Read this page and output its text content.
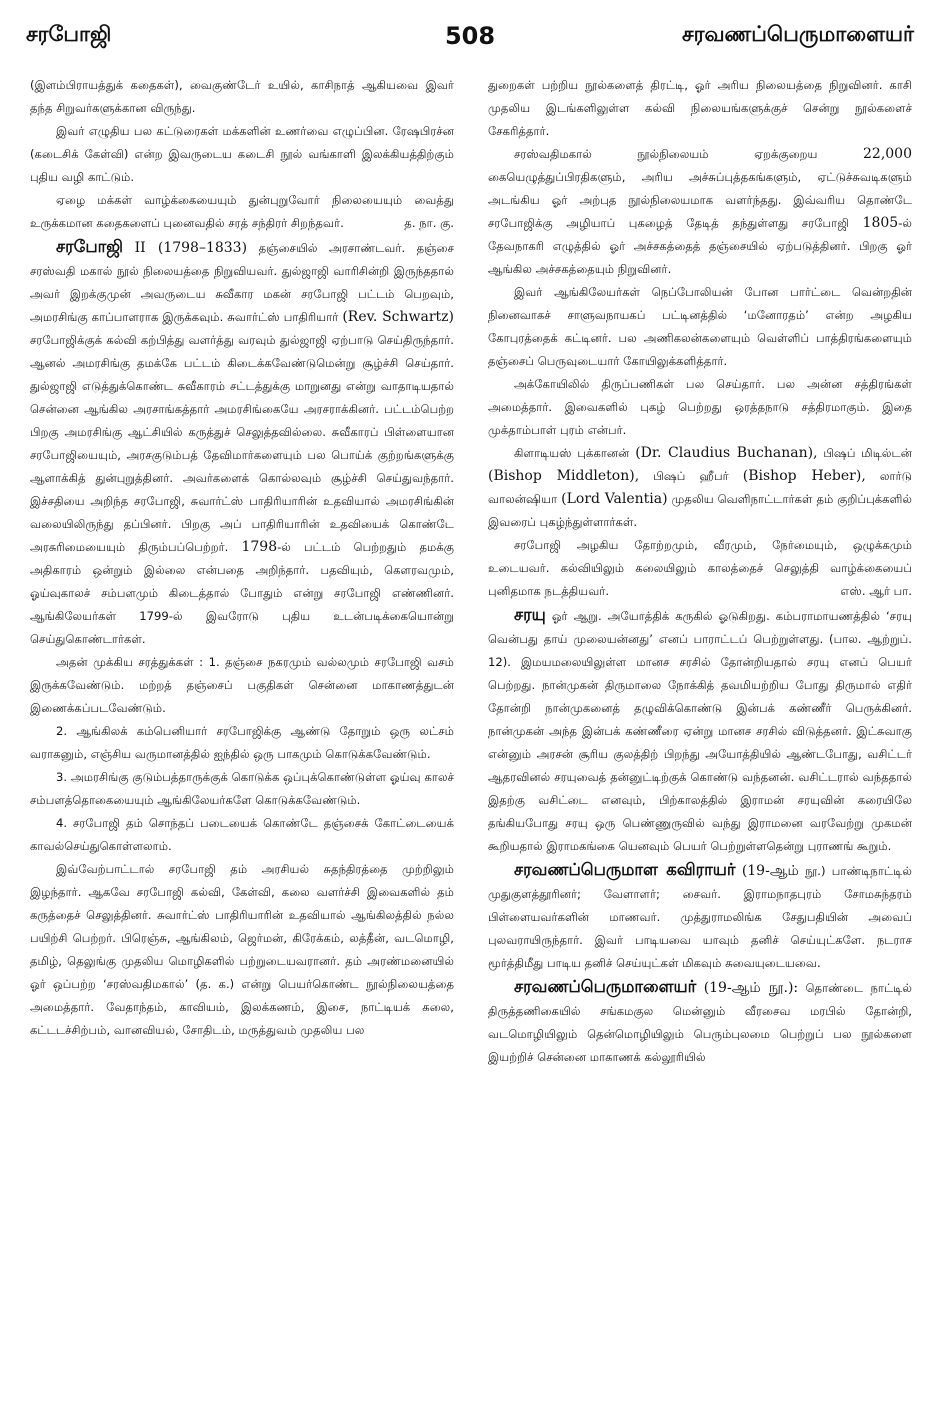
சரபோஜி	508	சரவணப்பெருமாளையர்

(இளம்பிராயத்துக் கதைகள்), வைகுண்டேர் உயில், காசிநாத் ஆகியவை இவர் தந்த சிறுவர்களுக்கான விருந்து.

இவர் எழுதிய பல கட்டுரைகள் மக்களின் உணர்வை எழுப்பின. ரேஷபிரச்ன (கடைசிக் கேள்வி) என்ற இவருடைய கடைசி நூல் வங்காளி இலக்கியத்திற்கும் புதிய வழி காட்டும்.

ஏழை மக்கள் வாழ்க்கையையும் துன்புறுவோர் நிலையையும் வைத்து உருக்கமான கதைகளைப் புனைவதில் சரத் சந்திரர் சிறந்தவர்.	த. நா. கு.

சரபோஜி II (1798–1833) தஞ்சையில் அரசாண்டவர். தஞ்சை சரஸ்வதி மகால் நூல் நிலையத்தை நிறுவியவர். துல்ஜாஜி வாரிசின்றி இருந்ததால் அவர் இறக்குமுன் அவருடைய சுவீகார மகன் சரபோஜி பட்டம் பெறவும், அமரசிங்கு காப்பாளராக இருக்கவும். சுவார்ட்ஸ் பாதிரியார் (Rev. Schwartz) சரபோஜிக்குக் கல்வி கற்பித்து வளர்த்து வரவும் துல்ஜாஜி ஏற்பாடு செய்திருந்தார். ஆனல் அமரசிங்கு தமக்கே பட்டம் கிடைக்கவேண்டுமென்று சூழ்ச்சி செய்தார். துல்ஜாஜி எடுத்துக்கொண்ட சுவீகாரம் சட்டத்துக்கு மாறுனது என்று வாதாடியதால் சென்னை ஆங்கில அரசாங்கத்தார் அமரசிங்கையே அரசராக்கினர். பட்டம்பெற்ற பிறகு அமரசிங்கு ஆட்சியில் கருத்துச் செலுத்தவில்லை. சுவீகாரப் பிள்ளையான சரபோஜியையும், அரசகுடும்பத் தேவிமார்களையும் பல பொய்க் குற்றங்களுக்கு ஆளாக்கித் துன்புறுத்தினர். அவர்களைக் கொல்லவும் சூழ்ச்சி செய்துவந்தார். இச்சதியை அறிந்த சரபோஜி, சுவார்ட்ஸ் பாதிரியாரின் உதவியால் அமரசிங்கின் வலையிலிருந்து தப்பினர். பிறகு அப் பாதிரியாரின் உதவியைக் கொண்டே அரசுரிமையையும் திரும்பப்பெற்றர். 1798-ல் பட்டம் பெற்றதும் தமக்கு அதிகாரம் ஒன்றும் இல்லை என்பதை அறிந்தார். பதவியும், கௌரவமும், ஓய்வுகாலச் சம்பளமும் கிடைத்தால் போதும் என்று சரபோஜி எண்ணினர். ஆங்கிலேயர்கள் 1799-ல் இவரோடு புதிய உடன்படிக்கையொன்று செய்துகொண்டார்கள்.

அதன் முக்கிய சரத்துக்கள் : 1. தஞ்சை நகரமும் வல்லமும் சரபோஜி வசம் இருக்கவேண்டும். மற்றத் தஞ்சைப் பகுதிகள் சென்னை மாகாணத்துடன் இணைக்கப்படவேண்டும்.

2. ஆங்கிலக் கம்பெனியார் சரபோஜிக்கு ஆண்டு தோறும் ஒரு லட்சம் வராகனும், எஞ்சிய வருமானத்தில் ஐந்தில் ஒரு பாகமும் கொடுக்கவேண்டும்.

3. அமரசிங்கு குடும்பத்தாருக்குக் கொடுக்க ஒப்புக்கொண்டுள்ள ஓய்வு காலச் சம்பளத்தொகையையும் ஆங்கிலேயர்களே கொடுக்கவேண்டும்.

4. சரபோஜி தம் சொந்தப் படையைக் கொண்டே தஞ்சைக் கோட்டையைக் காவல்செய்துகொள்ளலாம்.

இவ்வேற்பாட்டால் சரபோஜி தம் அரசியல் சுதந்திரத்தை முற்றிலும் இழந்தார். ஆகவே சரபோஜி கல்வி, கேள்வி, கலை வளர்ச்சி இவைகளில் தம் கருத்தைச் செலுத்தினர். சுவார்ட்ஸ் பாதிரியாரின் உதவியால் ஆங்கிலத்தில் நல்ல பயிற்சி பெற்றர். பிரெஞ்சு, ஆங்கிலம், ஜெர்மன், கிரேக்கம், லத்தீன், வடமொழி, தமிழ், தெலுங்கு முதலிய மொழிகளில் பற்றுடையவரானர். தம் அரண்மனையில் ஓர் ஒப்பற்ற ‘சரஸ்வதிமகால்’ (த. க.) என்று பெயர்கொண்ட நூல்நிலையத்தை அமைத்தார். வேதாந்தம், காவியம், இலக்கணம், இசை, நாட்டியக் கலை, கட்டடச்சிற்பம், வானவியல், சோதிடம், மருத்துவம் முதலிய பல

துறைகள் பற்றிய நூல்களைத் திரட்டி, ஓர் அரிய நிலையத்தை நிறுவினர். காசி முதலிய இடங்களிலுள்ள கல்வி நிலையங்களுக்குச் சென்று நூல்களைச் சேகரித்தார்.

சரஸ்வதிமகால் நூல்நிலையம் ஏறக்குறைய	22,000 கையெழுத்துப்பிரதிகளும், அரிய அச்சுப்புத்தகங்களும், ஏட்டுச்சுவடிகளும் அடங்கிய ஓர் அற்புத நூல்நிலையமாக வளர்ந்தது. இவ்வரிய தொண்டே சரபோஜிக்கு அழியாப் புகழைத் தேடித் தந்துள்ளது சரபோஜி 1805-ல் தேவநாகரி எழுத்தில் ஓர் அச்சகத்தைத் தஞ்சையில் ஏற்படுத்தினர். பிறகு ஓர் ஆங்கில அச்சகத்தையும் நிறுவினர்.

இவர் ஆங்கிலேயர்கள் நெப்போலியன் போன பார்ட்டை வென்றதின் நினைவாகச் சாளுவநாயகப் பட்டினத்தில் ‘மனோரதம்’ என்ற அழகிய கோபுரத்தைக் கட்டினர். பல அணிகலன்களையும் வெள்ளிப் பாத்திரங்களையும் தஞ்சைப் பெருவுடையார் கோயிலுக்களித்தார்.

அக்கோயிலில் திருப்பணிகள் பல செய்தார். பல அன்ன சத்திரங்கள் அமைத்தார். இவைகளில் புகழ் பெற்றது ஒரத்தநாடு சத்திரமாகும். இதை முக்தாம்பாள் புரம் என்பர்.

கிளாடியஸ் புக்கானன் (Dr. Claudius Buchanan), பிஷப் மிடில்டன் (Bishop Middleton), பிஷப் ஹீபர் (Bishop Heber), லார்டு வாலன்ஷியா (Lord Valentia) முதலிய வெளிநாட்டார்கள் தம் குறிப்புக்களில் இவரைப் புகழ்ந்துள்ளார்கள்.

சரபோஜி அழகிய தோற்றமும், வீரமும், நேர்மையும், ஒழுக்கமும் உடையவர். கல்வியிலும் கலையிலும் காலத்தைச் செலுத்தி வாழ்க்கையைப் புனிதமாக நடத்தியவர்.	எஸ். ஆர் பா.

சரயு ஓர் ஆறு. அயோத்திக் கருகில் ஓடுகிறது. கம்பராமாயணத்தில் ‘சரயு வென்பது தாய் முலையன்னது’ எனப் பாராட்டப் பெற்றுள்ளது. (பால. ஆற்றுப். 12). இமயமலையிலுள்ள மானச சரசில் தோன்றியதால் சரயு எனப் பெயர் பெற்றது. நான்முகன் திருமாலை நோக்கித் தவமியற்றிய போது திருமால் எதிர் தோன்றி நான்முகனைத் தழுவிக்கொண்டு இன்பக் கண்ணீர் பெருக்கினர். நான்முகன் அந்த இன்பக் கண்ணீரை ஏன்று மானச சரசில் விடுத்தனர். இட்சுவாகு என்னும் அரசன் சூரிய குலத்திற் பிறந்து அயோத்தியில் ஆண்டபோது, வசிட்டர் ஆதரவினல் சரயுவைத் தன்னுட்டிற்குக் கொண்டு வந்தனன். வசிட்டரால் வந்ததால் இதற்கு வசிட்டை எனவும், பிற்காலத்தில் இராமன் சரயுவின் கரையிலே தங்கியபோது சரயு ஒரு பெண்ணுருவில் வந்து இராமனை வரவேற்று முகமன் கூறியதால் இராமகங்கை யெனவும் பெயர் பெற்றுள்ளதென்று புராணங் கூறும்.

சரவணப்பெருமாள கவிராயர் (19-ஆம் நூ.) பாண்டிநாட்டில் முதுகுளத்தூரினர்; வேளாளர்; சைவர். இராமநாதபுரம் சோமசுந்தரம் பிள்ளையவர்களின் மாணவர். முத்துராமலிங்க சேதுபதியின் அவைப் புலவராயிருந்தார். இவர் பாடியவை யாவும் தனிச் செய்யுட்களே. நடராச மூர்த்திமீது பாடிய தனிச் செய்யுட்கள் மிகவும் சுவையுடையவை.

சரவணப்பெருமாளையர் (19-ஆம் நூ.): தொண்டை நாட்டில் திருத்தணிகையில் சங்கமகுல மென்னும் வீரசைவ மரபில் தோன்றி, வடமொழியிலும் தென்மொழியிலும் பெரும்புலமை பெற்றுப் பல நூல்களை இயற்றிச் சென்னை மாகாணக் கல்லூரியில்
